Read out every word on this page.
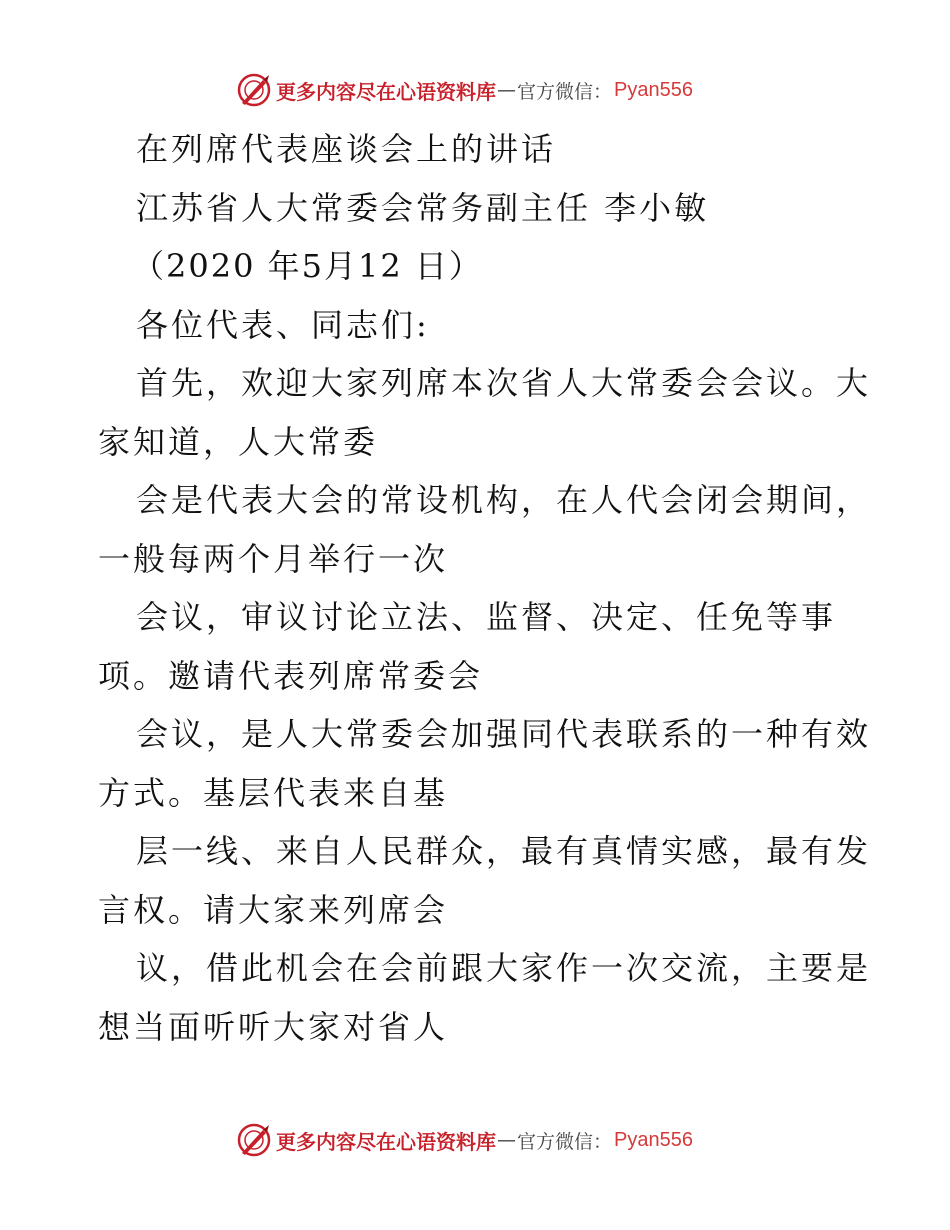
更多内容尽在心语资料库 — 官方微信： Pyan556
在列席代表座谈会上的讲话
江苏省人大常委会常务副主任 李小敏
（2020 年5月12 日）
各位代表、同志们:
首先，欢迎大家列席本次省人大常委会会议。大
家知道，人大常委
会是代表大会的常设机构，在人代会闭会期间，
一般每两个月举行一次
会议，审议讨论立法、监督、决定、任免等事
项。邀请代表列席常委会
会议，是人大常委会加强同代表联系的一种有效
方式。基层代表来自基
层一线、来自人民群众，最有真情实感，最有发
言权。请大家来列席会
议，借此机会在会前跟大家作一次交流，主要是
想当面听听大家对省人
更多内容尽在心语资料库 — 官方微信： Pyan556
